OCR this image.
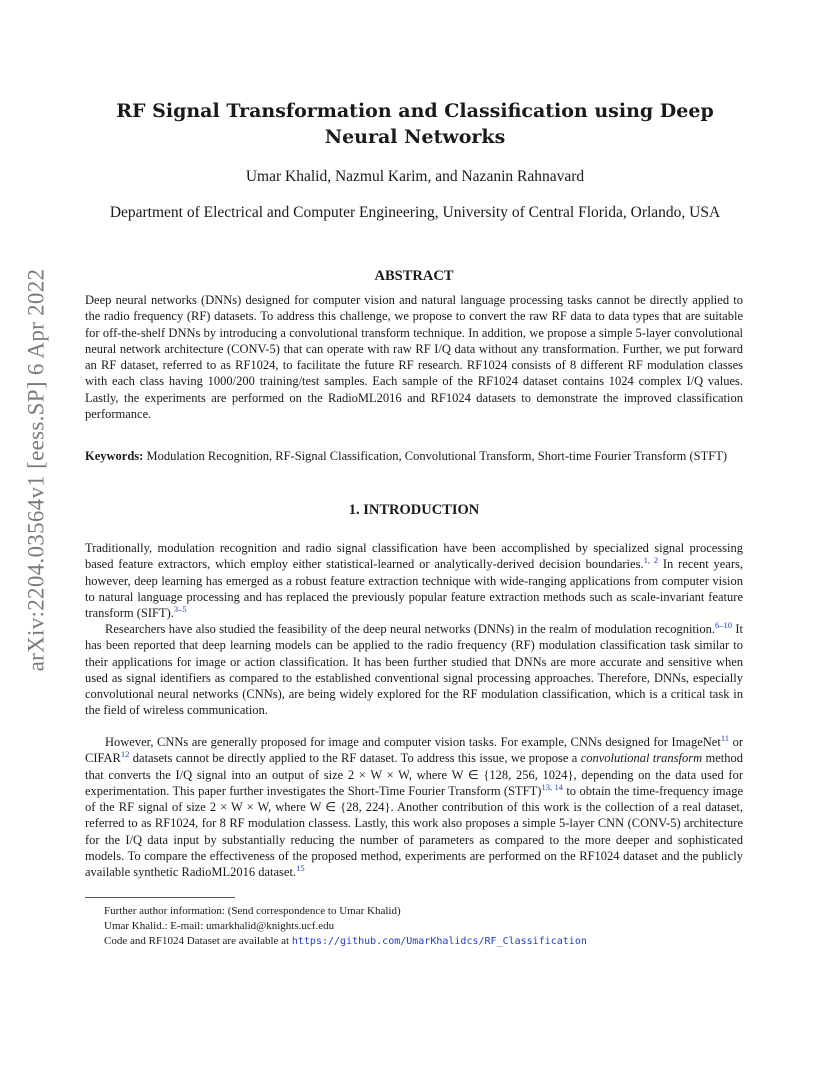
arXiv:2204.03564v1 [eess.SP] 6 Apr 2022
RF Signal Transformation and Classification using Deep Neural Networks

Umar Khalid, Nazmul Karim, and Nazanin Rahnavard

Department of Electrical and Computer Engineering, University of Central Florida, Orlando, USA

ABSTRACT

Deep neural networks (DNNs) designed for computer vision and natural language processing tasks cannot be directly applied to the radio frequency (RF) datasets. To address this challenge, we propose to convert the raw RF data to data types that are suitable for off-the-shelf DNNs by introducing a convolutional transform technique. In addition, we propose a simple 5-layer convolutional neural network architecture (CONV-5) that can operate with raw RF I/Q data without any transformation. Further, we put forward an RF dataset, referred to as RF1024, to facilitate the future RF research. RF1024 consists of 8 different RF modulation classes with each class having 1000/200 training/test samples. Each sample of the RF1024 dataset contains 1024 complex I/Q values. Lastly, the experiments are performed on the RadioML2016 and RF1024 datasets to demonstrate the improved classification performance.

Keywords: Modulation Recognition, RF-Signal Classification, Convolutional Transform, Short-time Fourier Transform (STFT)

1. INTRODUCTION

Traditionally, modulation recognition and radio signal classification have been accomplished by specialized signal processing based feature extractors, which employ either statistical-learned or analytically-derived decision boundaries.$^{1, 2}$ In recent years, however, deep learning has emerged as a robust feature extraction technique with wide-ranging applications from computer vision to natural language processing and has replaced the previously popular feature extraction methods such as scale-invariant feature transform (SIFT).$^{3-5}$

Researchers have also studied the feasibility of the deep neural networks (DNNs) in the realm of modulation recognition.$^{6-10}$ It has been reported that deep learning models can be applied to the radio frequency (RF) modulation classification task similar to their applications for image or action classification. It has been further studied that DNNs are more accurate and sensitive when used as signal identifiers as compared to the established conventional signal processing approaches. Therefore, DNNs, especially convolutional neural networks (CNNs), are being widely explored for the RF modulation classification, which is a critical task in the field of wireless communication.

However, CNNs are generally proposed for image and computer vision tasks. For example, CNNs designed for ImageNet$^{11}$ or CIFAR$^{12}$ datasets cannot be directly applied to the RF dataset. To address this issue, we propose a convolutional transform method that converts the I/Q signal into an output of size 2 × W × W, where W ∈ {128, 256, 1024}, depending on the data used for experimentation. This paper further investigates the Short-Time Fourier Transform (STFT)$^{13, 14}$ to obtain the time-frequency image of the RF signal of size 2 × W × W, where W ∈ {28, 224}. Another contribution of this work is the collection of a real dataset, referred to as RF1024, for 8 RF modulation classess. Lastly, this work also proposes a simple 5-layer CNN (CONV-5) architecture for the I/Q data input by substantially reducing the number of parameters as compared to the more deeper and sophisticated models. To compare the effectiveness of the proposed method, experiments are performed on the RF1024 dataset and the publicly available synthetic RadioML2016 dataset.$^{15}$

Further author information: (Send correspondence to Umar Khalid)

Umar Khalid.: E-mail: umarkhalid@knights.ucf.edu

Code and RF1024 Dataset are available at https://github.com/UmarKhalidcs/RF_Classification
